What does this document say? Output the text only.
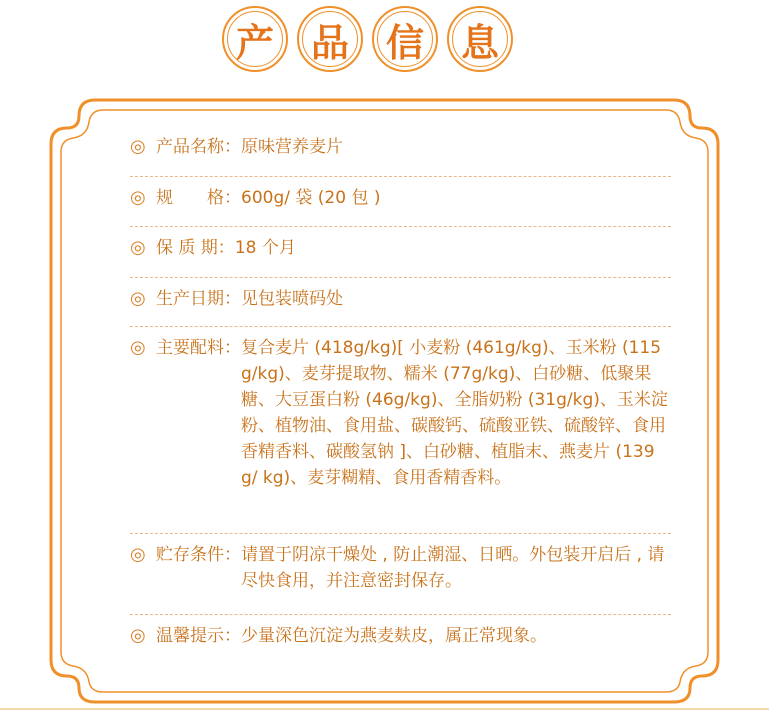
产 品 信 息
◎ 产品名称： 原味营养麦片
◎ 规　　格： 600g/ 袋 (20 包 )
◎ 保 质 期： 18 个月
◎ 生产日期： 见包装喷码处
◎ 主要配料： 复合麦片 (418g/kg)[ 小麦粉 (461g/kg)、玉米粉 (115g/kg)、麦芽提取物、糯米 (77g/kg)、白砂糖、低聚果糖、大豆蛋白粉 (46g/kg)、全脂奶粉 (31g/kg)、玉米淀粉、植物油、食用盐、碳酸钙、硫酸亚铁、硫酸锌、食用香精香料、碳酸氢钠 ]、白砂糖、植脂末、燕麦片 (139g/ kg)、麦芽糊精、食用香精香料。
◎ 贮存条件： 请置于阴凉干燥处 , 防止潮湿、日晒。外包装开启后 , 请尽快食用，并注意密封保存。
◎ 温馨提示： 少量深色沉淀为燕麦麸皮，属正常现象。
